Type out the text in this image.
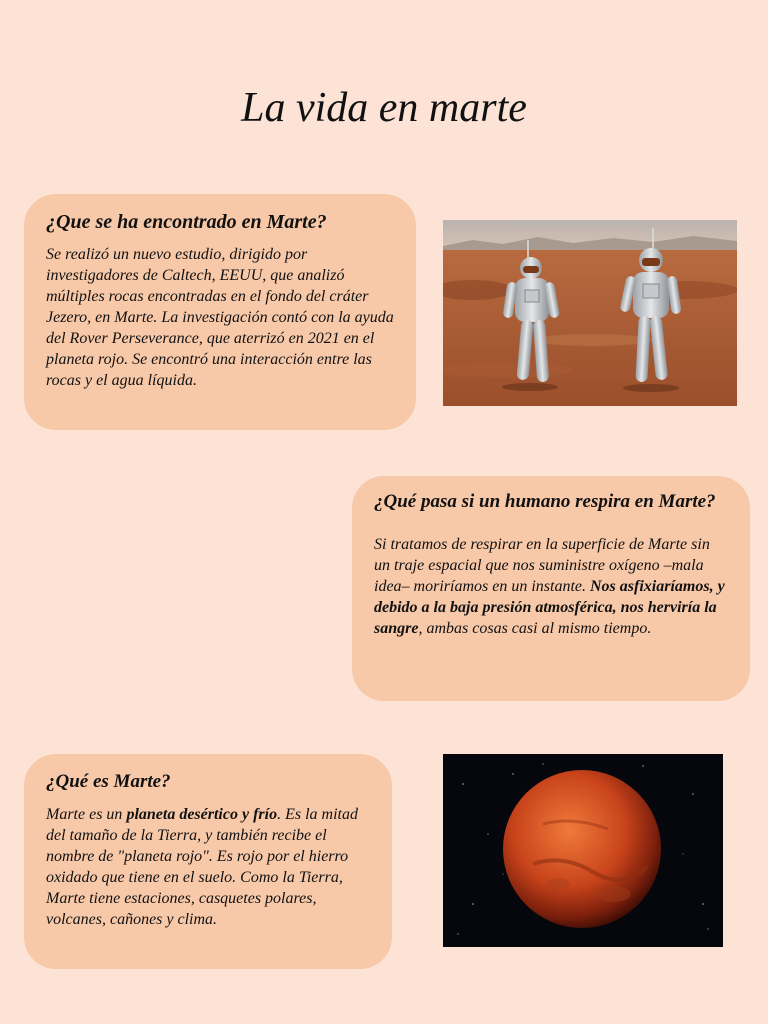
La vida en marte
¿Que se ha encontrado en Marte?

Se realizó un nuevo estudio, dirigido por investigadores de Caltech, EEUU, que analizó múltiples rocas encontradas en el fondo del cráter Jezero, en Marte. La investigación contó con la ayuda del Rover Perseverance, que aterrizó en 2021 en el planeta rojo. Se encontró una interacción entre las rocas y el agua líquida.

¿Qué pasa si un humano respira en Marte?

Si tratamos de respirar en la superficie de Marte sin un traje espacial que nos suministre oxígeno –mala idea– moriríamos en un instante. Nos asfixiaríamos, y debido a la baja presión atmosférica, nos herviría la sangre, ambas cosas casi al mismo tiempo.

¿Qué es Marte?

Marte es un planeta desértico y frío. Es la mitad del tamaño de la Tierra, y también recibe el nombre de "planeta rojo". Es rojo por el hierro oxidado que tiene en el suelo. Como la Tierra, Marte tiene estaciones, casquetes polares, volcanes, cañones y clima.
